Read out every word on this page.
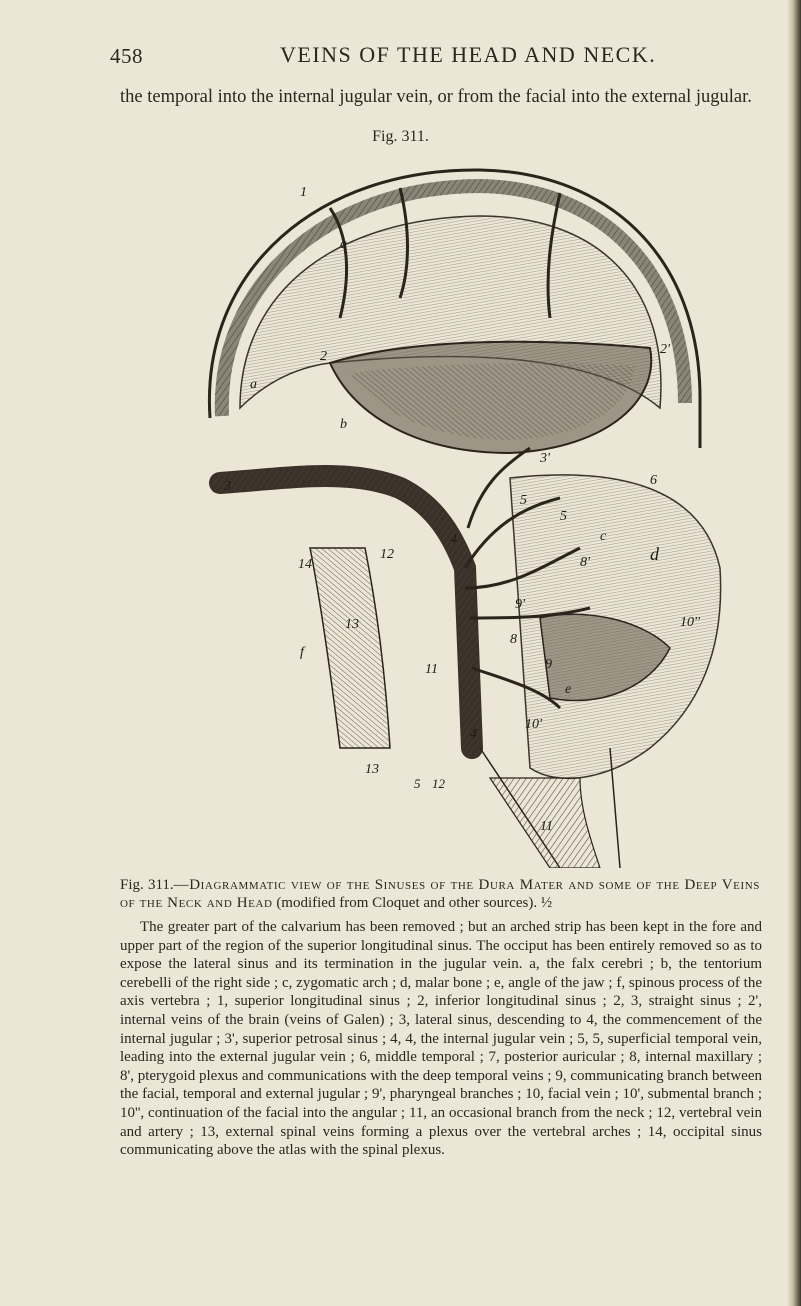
458	VEINS OF THE HEAD AND NECK.
the temporal into the internal jugular vein, or from the facial into the external jugular.
Fig. 311.
1
a
2
a
2'
b
3
3'
6
5
5
c
d
8'
4
12
14
f
13
9'
8
10''
9
e
11
10'
4
13
5 12
11
Fig. 311.—Diagrammatic view of the Sinuses of the Dura Mater and some of the Deep Veins of the Neck and Head (modified from Cloquet and other sources). ½
The greater part of the calvarium has been removed ; but an arched strip has been kept in the fore and upper part of the region of the superior longitudinal sinus. The occiput has been entirely removed so as to expose the lateral sinus and its termination in the jugular vein. a, the falx cerebri ; b, the tentorium cerebelli of the right side ; c, zygomatic arch ; d, malar bone ; e, angle of the jaw ; f, spinous process of the axis vertebra ; 1, superior longitudinal sinus ; 2, inferior longitudinal sinus ; 2, 3, straight sinus ; 2', internal veins of the brain (veins of Galen) ; 3, lateral sinus, descending to 4, the commencement of the internal jugular ; 3', superior petrosal sinus ; 4, 4, the internal jugular vein ; 5, 5, superficial temporal vein, leading into the external jugular vein ; 6, middle temporal ; 7, posterior auricular ; 8, internal maxillary ; 8', pterygoid plexus and communications with the deep temporal veins ; 9, communicating branch between the facial, temporal and external jugular ; 9', pharyngeal branches ; 10, facial vein ; 10', submental branch ; 10'', continuation of the facial into the angular ; 11, an occasional branch from the neck ; 12, vertebral vein and artery ; 13, external spinal veins forming a plexus over the vertebral arches ; 14, occipital sinus communicating above the atlas with the spinal plexus.
